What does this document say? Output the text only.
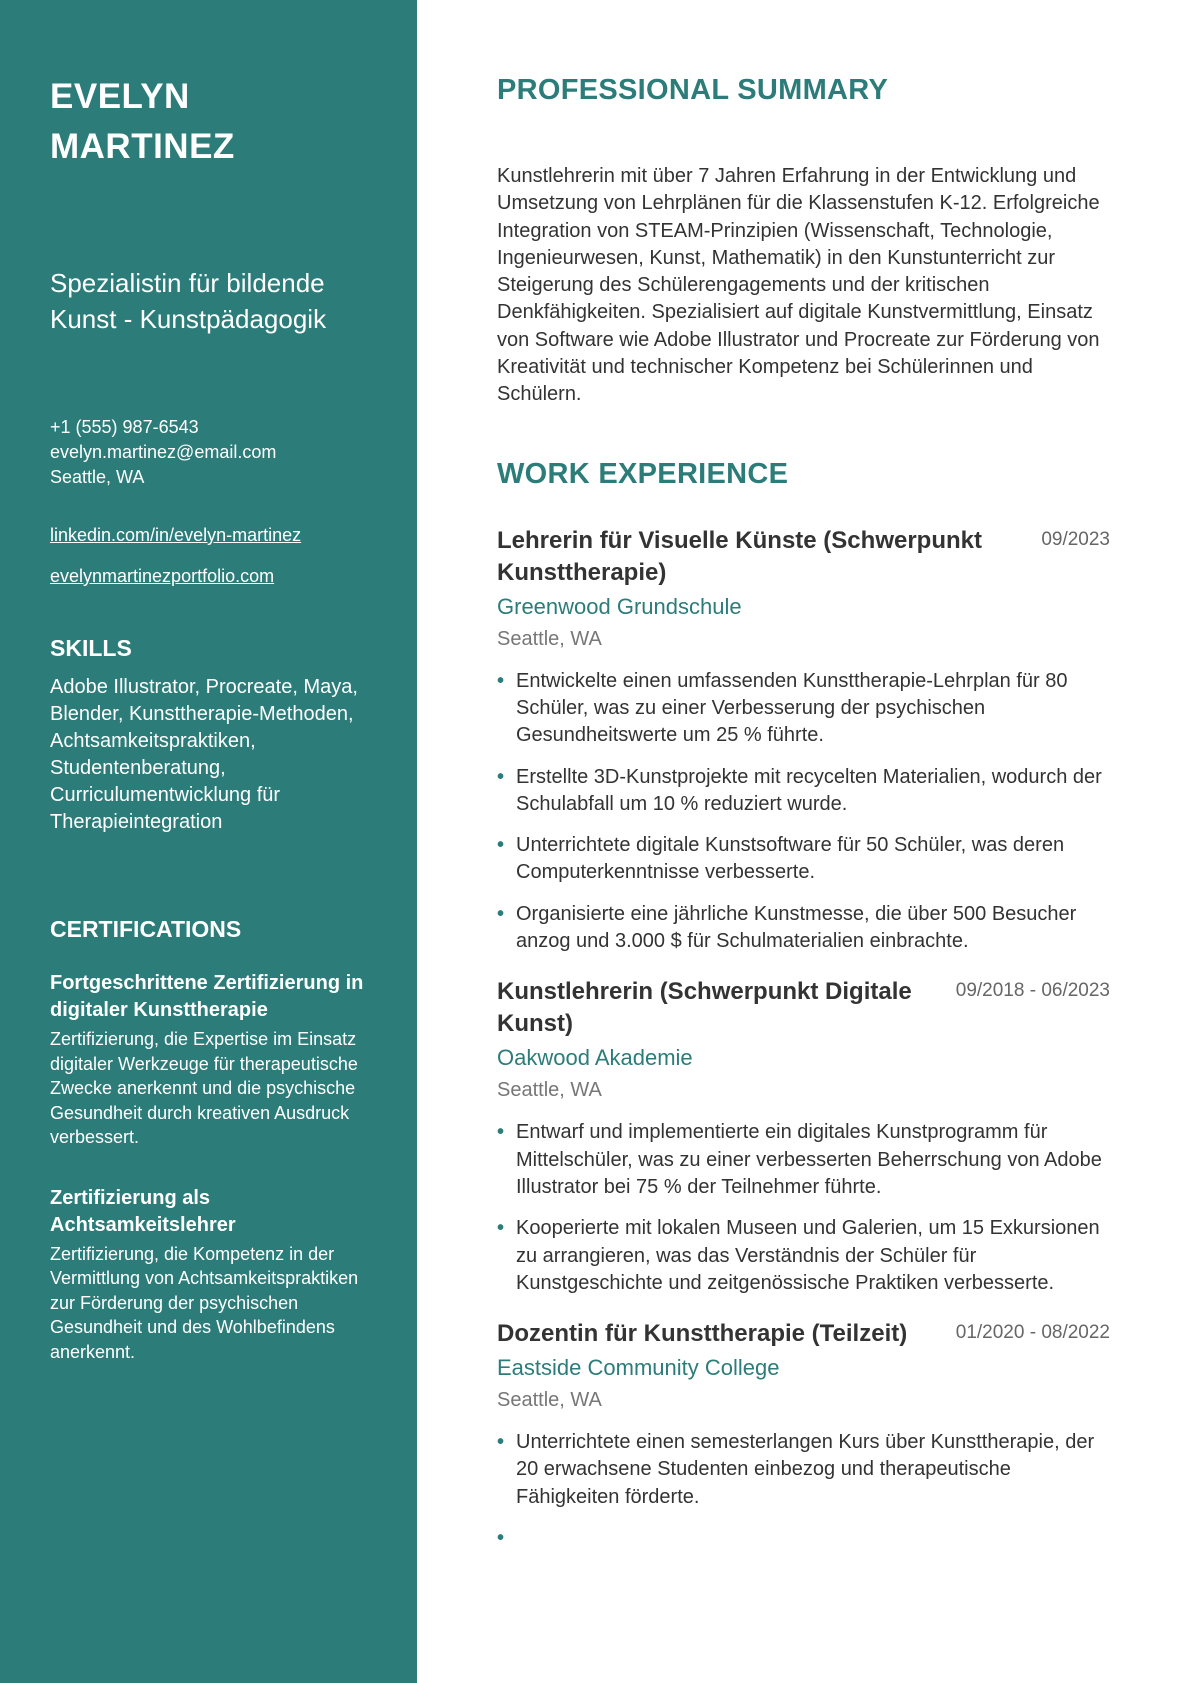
EVELYN
MARTINEZ
Spezialistin für bildende Kunst - Kunstpädagogik
+1 (555) 987-6543
evelyn.martinez@email.com
Seattle, WA
linkedin.com/in/evelyn-martinez
evelynmartinezportfolio.com
SKILLS
Adobe Illustrator, Procreate, Maya, Blender, Kunsttherapie-Methoden, Achtsamkeitspraktiken, Studentenberatung, Curriculumentwicklung für Therapieintegration
CERTIFICATIONS
Fortgeschrittene Zertifizierung in digitaler Kunsttherapie
Zertifizierung, die Expertise im Einsatz digitaler Werkzeuge für therapeutische Zwecke anerkennt und die psychische Gesundheit durch kreativen Ausdruck verbessert.
Zertifizierung als Achtsamkeitslehrer
Zertifizierung, die Kompetenz in der Vermittlung von Achtsamkeitspraktiken zur Förderung der psychischen Gesundheit und des Wohlbefindens anerkennt.
PROFESSIONAL SUMMARY

Kunstlehrerin mit über 7 Jahren Erfahrung in der Entwicklung und Umsetzung von Lehrplänen für die Klassenstufen K-12. Erfolgreiche Integration von STEAM-Prinzipien (Wissenschaft, Technologie, Ingenieurwesen, Kunst, Mathematik) in den Kunstunterricht zur Steigerung des Schülerengagements und der kritischen Denkfähigkeiten. Spezialisiert auf digitale Kunstvermittlung, Einsatz von Software wie Adobe Illustrator und Procreate zur Förderung von Kreativität und technischer Kompetenz bei Schülerinnen und Schülern.

WORK EXPERIENCE
Lehrerin für Visuelle Künste (Schwerpunkt Kunsttherapie)
09/2023
Greenwood Grundschule
Seattle, WA
• Entwickelte einen umfassenden Kunsttherapie-Lehrplan für 80 Schüler, was zu einer Verbesserung der psychischen Gesundheitswerte um 25 % führte.
• Erstellte 3D-Kunstprojekte mit recycelten Materialien, wodurch der Schulabfall um 10 % reduziert wurde.
• Unterrichtete digitale Kunstsoftware für 50 Schüler, was deren Computerkenntnisse verbesserte.
• Organisierte eine jährliche Kunstmesse, die über 500 Besucher anzog und 3.000 $ für Schulmaterialien einbrachte.
Kunstlehrerin (Schwerpunkt Digitale Kunst)
09/2018 - 06/2023
Oakwood Akademie
Seattle, WA
• Entwarf und implementierte ein digitales Kunstprogramm für Mittelschüler, was zu einer verbesserten Beherrschung von Adobe Illustrator bei 75 % der Teilnehmer führte.
• Kooperierte mit lokalen Museen und Galerien, um 15 Exkursionen zu arrangieren, was das Verständnis der Schüler für Kunstgeschichte und zeitgenössische Praktiken verbesserte.
Dozentin für Kunsttherapie (Teilzeit)	01/2020 - 08/2022
Eastside Community College
Seattle, WA
• Unterrichtete einen semesterlangen Kurs über Kunsttherapie, der 20 erwachsene Studenten einbezog und therapeutische Fähigkeiten förderte.
•
